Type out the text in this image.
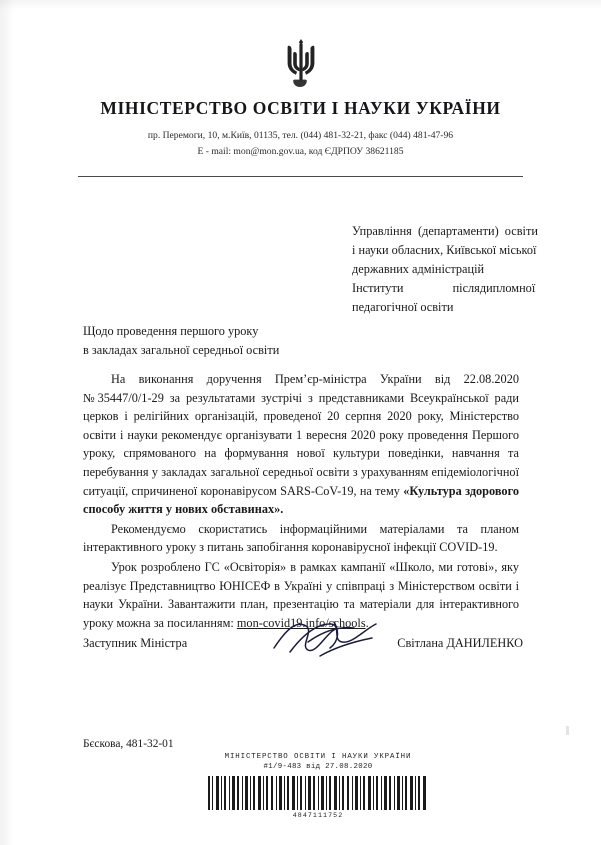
МІНІСТЕРСТВО ОСВІТИ І НАУКИ УКРАЇНИ
пр. Перемоги, 10, м.Київ, 01135, тел. (044) 481-32-21, факс (044) 481-47-96
E - mail: mon@mon.gov.ua, код ЄДРПОУ 38621185
Управління  (департаменти)  освіти
і науки обласних, Київської міської
державних адміністрацій
Інститути                післядипломної
педагогічної освіти
Щодо проведення першого уроку
в закладах загальної середньої освіти

На виконання доручення Прем’єр-міністра України від 22.08.2020 №35447/0/1-29 за результатами зустрічі з представниками Всеукраїнської ради церков і релігійних організацій, проведеної 20 серпня 2020 року, Міністерство освіти і науки рекомендує організувати 1 вересня 2020 року проведення Першого уроку, спрямованого на формування нової культури поведінки, навчання та перебування у закладах загальної середньої освіти з урахуванням епідеміологічної ситуації, спричиненої коронавірусом SARS-CoV-19, на тему «Культура здорового способу життя у нових обставинах».

Рекомендуємо скористатись інформаційними матеріалами та планом інтерактивного уроку з питань запобігання коронавірусної інфекції COVID-19.

Урок розроблено ГС «Освіторія» в рамках кампанії «Школо, ми готові», яку реалізує Представництво ЮНІСЕФ в Україні у співпраці з Міністерством освіти і науки України. Завантажити план, презентацію та матеріали для інтерактивного уроку можна за посиланням: mon-covid19.info/schools.

Заступник Міністра	Світлана ДАНИЛЕНКО
Бєскова, 481-32-01
МІНІСТЕРСТВО ОСВІТИ І НАУКИ УКРАЇНИ
#1/9-483 від 27.08.2020
4847111752
